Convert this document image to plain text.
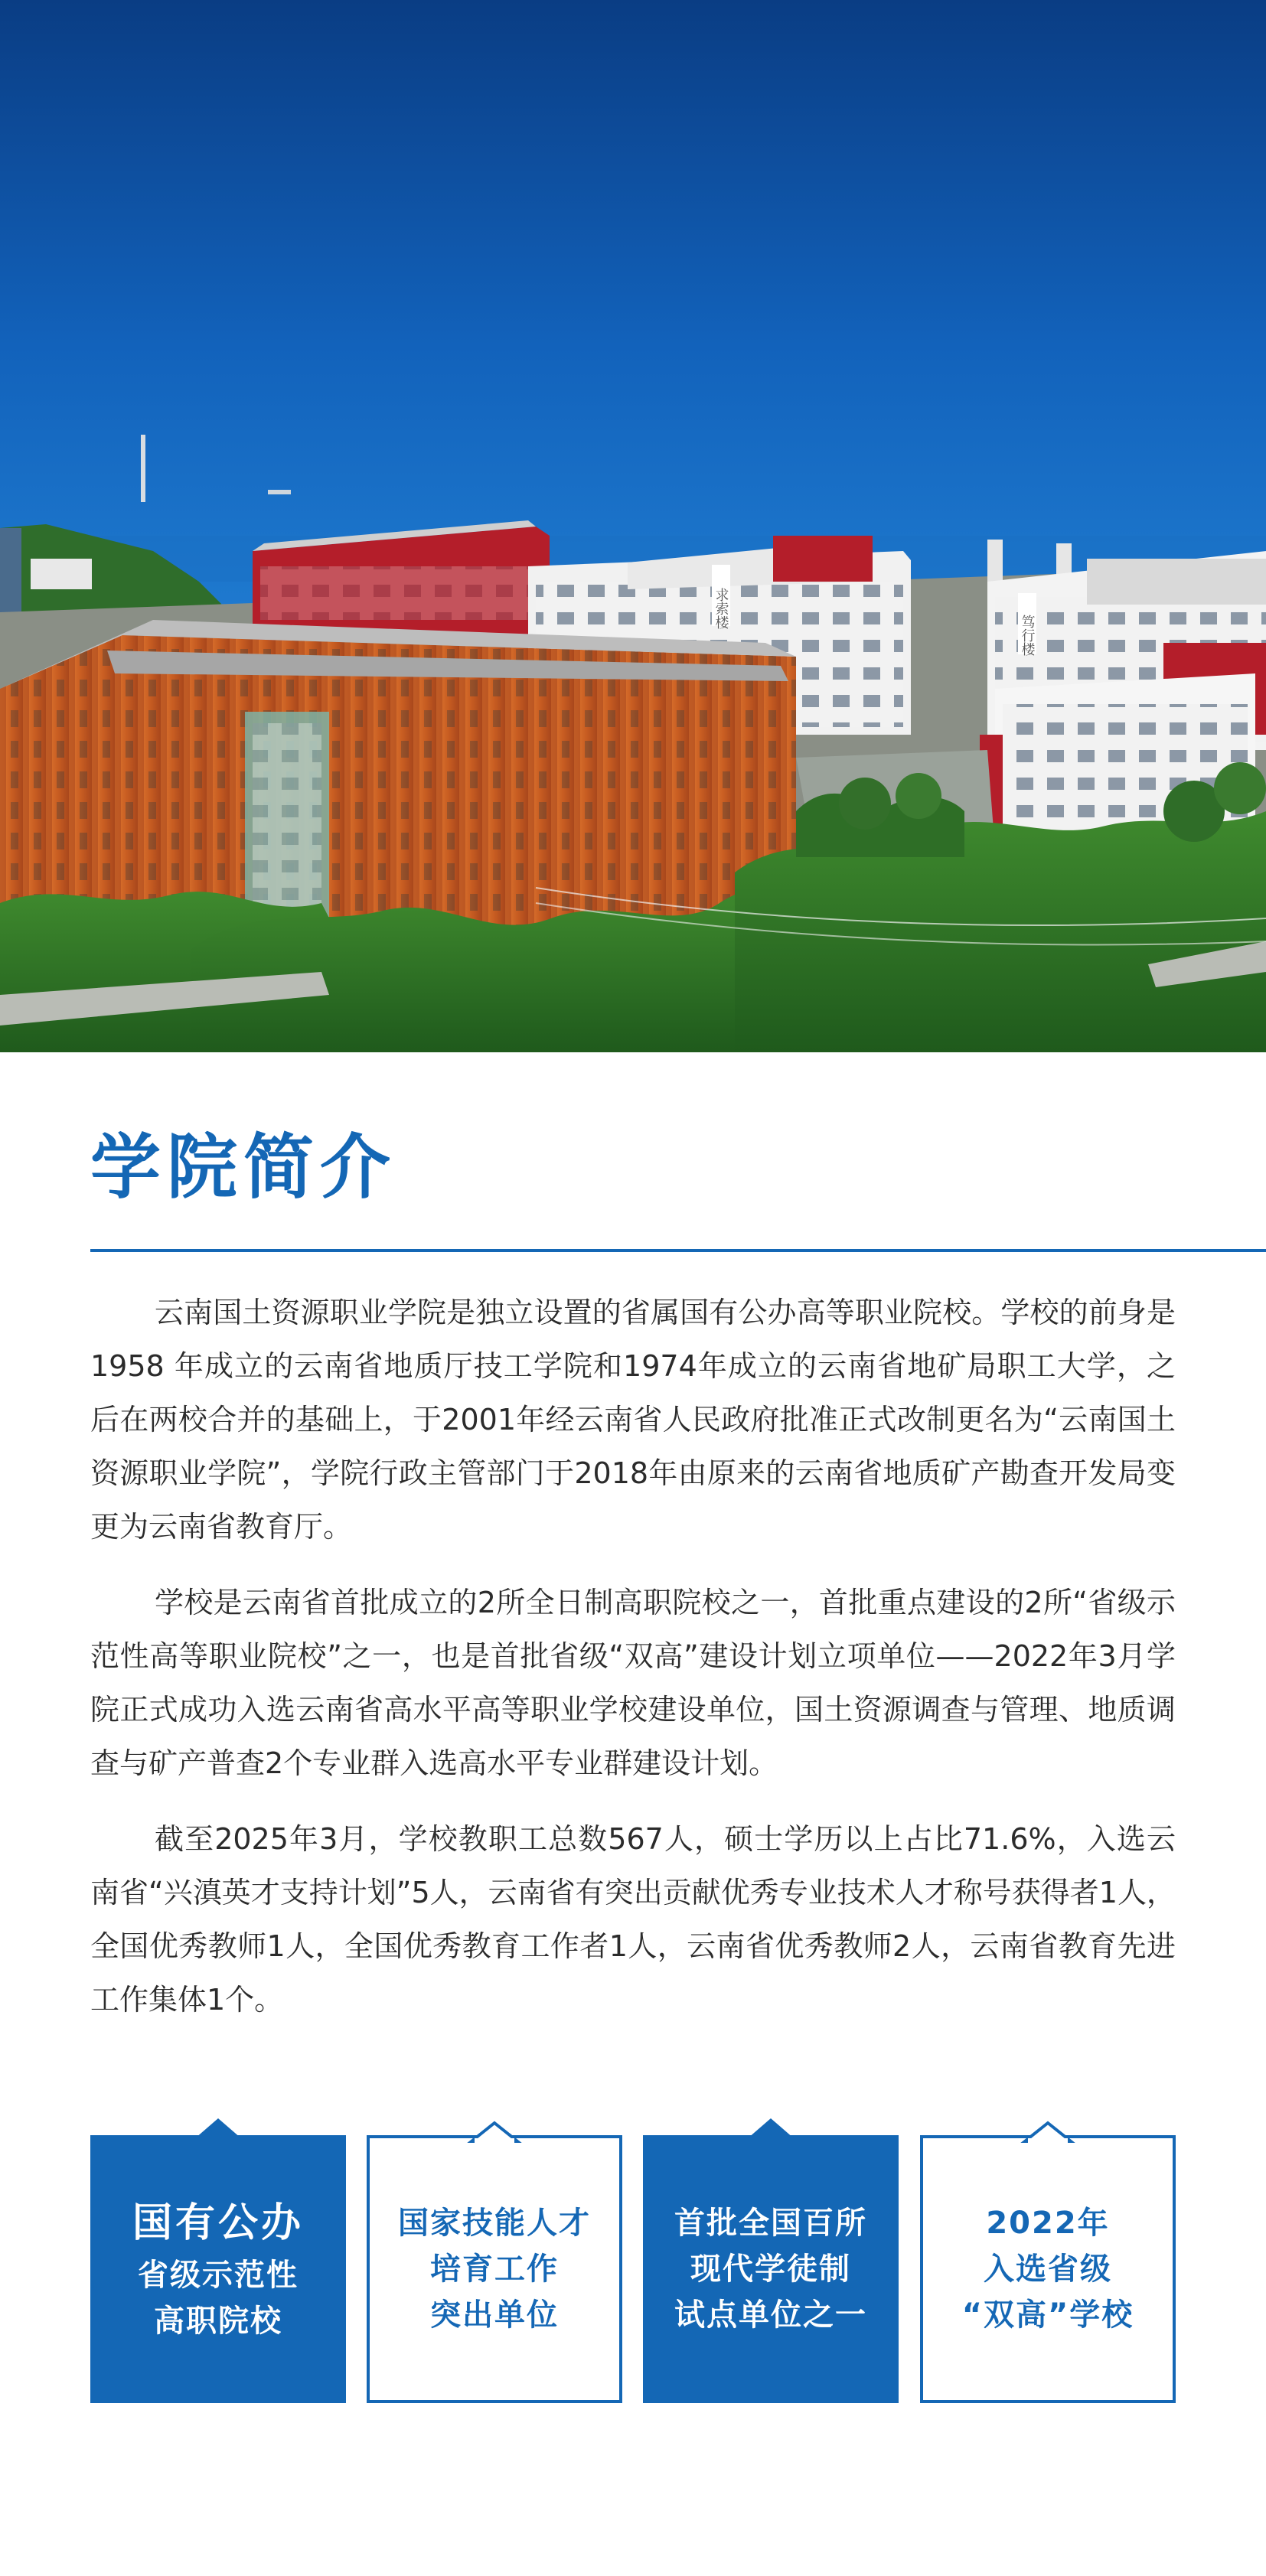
求索楼
笃行楼
学院简介

云南国土资源职业学院是独立设置的省属国有公办高等职业院校。学校的前身是1958 年成立的云南省地质厅技工学院和1974年成立的云南省地矿局职工大学，之后在两校合并的基础上，于2001年经云南省人民政府批准正式改制更名为“云南国土资源职业学院”，学院行政主管部门于2018年由原来的云南省地质矿产勘查开发局变更为云南省教育厅。

学校是云南省首批成立的2所全日制高职院校之一，首批重点建设的2所“省级示范性高等职业院校”之一，也是首批省级“双高”建设计划立项单位——2022年3月学院正式成功入选云南省高水平高等职业学校建设单位，国土资源调查与管理、地质调查与矿产普查2个专业群入选高水平专业群建设计划。

截至2025年3月，学校教职工总数567人，硕士学历以上占比71.6%，入选云南省“兴滇英才支持计划”5人，云南省有突出贡献优秀专业技术人才称号获得者1人，全国优秀教师1人，全国优秀教育工作者1人，云南省优秀教师2人，云南省教育先进工作集体1个。

国有公办
省级示范性
高职院校
国家技能人才
培育工作
突出单位
首批全国百所
现代学徒制
试点单位之一
2022年
入选省级
“双高”学校
